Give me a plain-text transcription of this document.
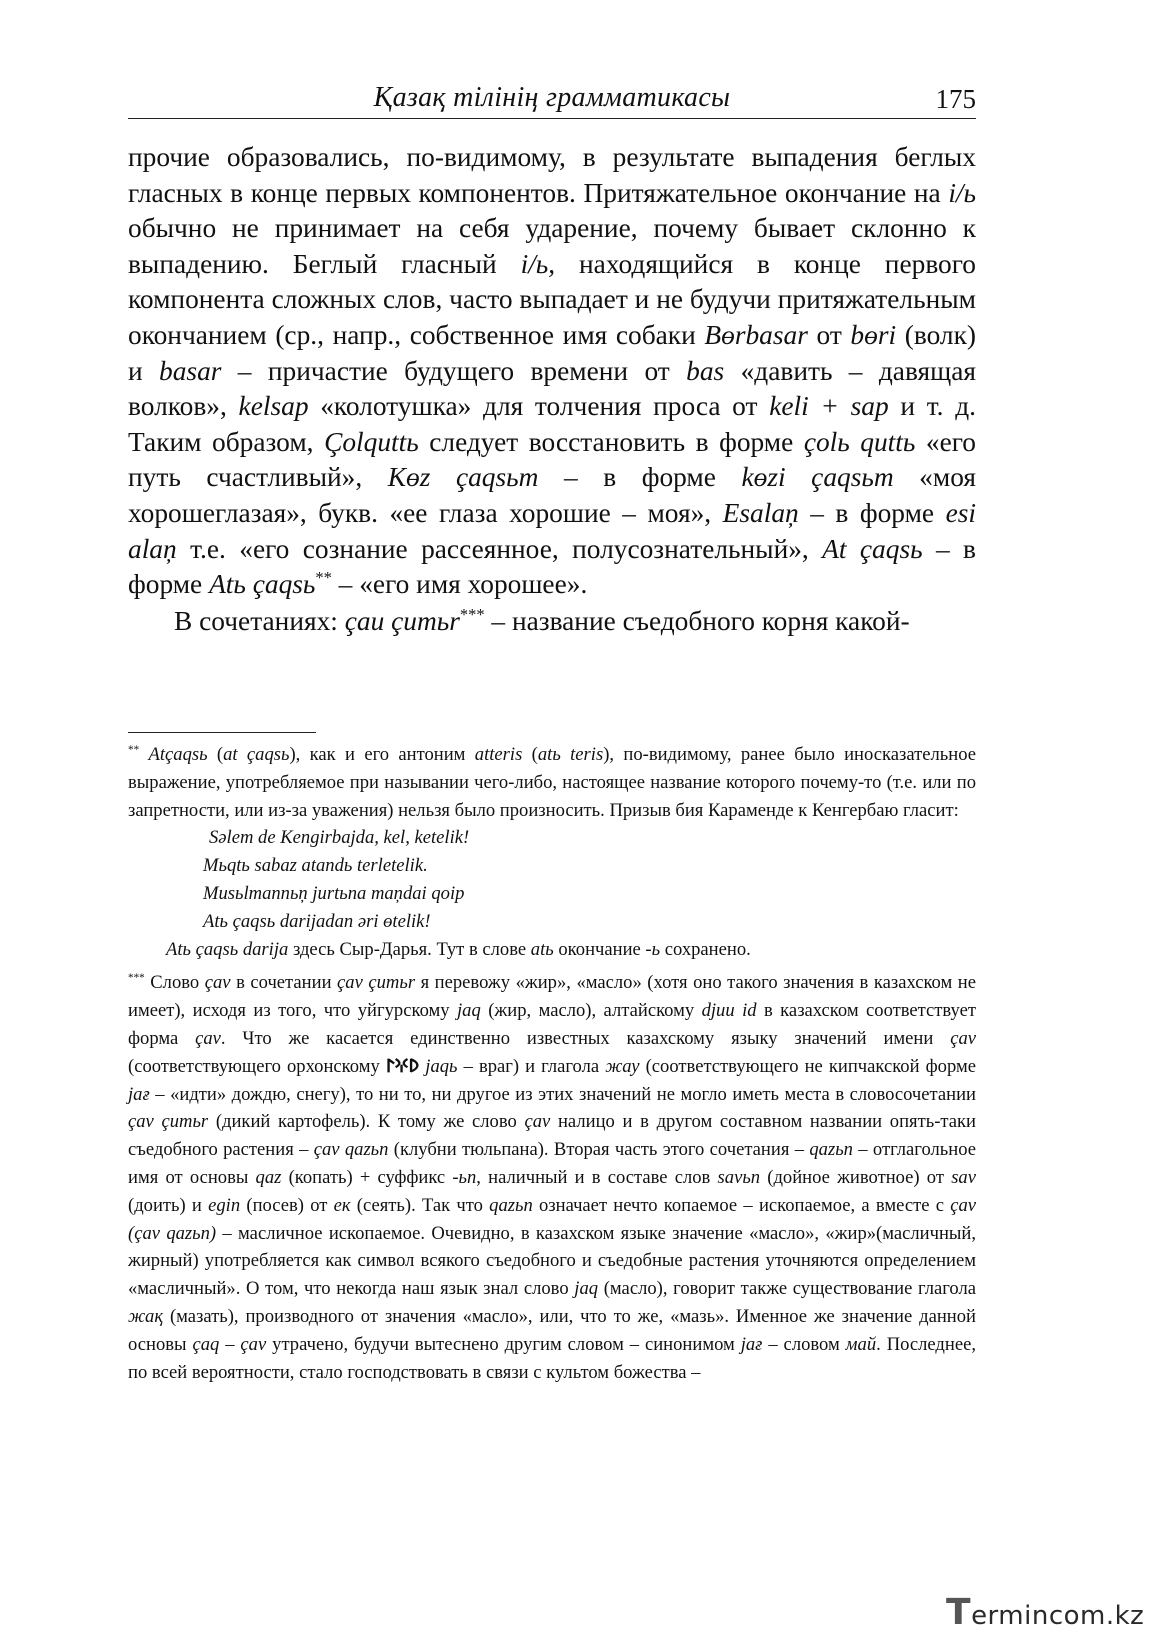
Қазақ тілінің грамматикасы	175

прочие образовались, по-видимому, в результате выпадения беглых гласных в конце первых компонентов. Притяжательное окончание на i/ь обычно не принимает на себя ударение, почему бывает склонно к выпадению. Беглый гласный i/ь, находящийся в конце первого компонента сложных слов, часто выпадает и не будучи притяжательным окончанием (ср., напр., собственное имя собаки Bөrbasar от bөri (волк) и basar – причастие будущего времени от bas «давить – давящая волков», kelsap «колотушка» для толчения проса от keli + sap и т. д. Таким образом, Çolquttь следует восстановить в форме çolь quttь «его путь счастливый», Kөz çaqsьm – в форме kөzi çaqsьm «моя хорошеглазая», букв. «ее глаза хорошие – моя», Esalaņ – в форме esi alaņ т.е. «его сознание рассеянное, полусознательный», At çaqsь – в форме Atь çaqsь** – «его имя хорошее».

В сочетаниях: çau çumьr*** – название съедобного корня какой-

** Atçaqsь (at çaqsь), как и его антоним atteris (atь teris), по-видимому, ранее было иносказательное выражение, употребляемое при назывании чего-либо, настоящее название которого почему-то (т.е. или по запретности, или из-за уважения) нельзя было произносить. Призыв бия Караменде к Кенгербаю гласит:

Sәlem de Kengirbajda, kel, ketelik!
Mьqtь sabaz atandь terletelik.
Musьlmannьņ jurtьna maņdai qoip
Atь çaqsь darijadan әri өtelik!
Atь çaqsь darija здесь Сыр-Дарья. Тут в слове atь окончание -ь сохранено.

*** Слово çav в сочетании çav çumьr я перевожу «жир», «масло» (хотя оно такого значения в казахском не имеет), исходя из того, что уйгурскому jaq (жир, масло), алтайскому djuu id в казахском соответствует форма çav. Что же касается единственно известных казахскому языку значений имени çav (соответствующего орхонскому 𐰖𐰍𐰃 jaqь – враг) и глагола жау (соответствующего не кипчакской форме jaғ – «идти» дождю, снегу), то ни то, ни другое из этих значений не могло иметь места в словосочетании çav çumьr (дикий картофель). К тому же слово çav налицо и в другом составном названии опять-таки съедобного растения – çav qazьn (клубни тюльпана). Вторая часть этого сочетания – qazьn – отглагольное имя от основы qaz (копать) + суффикс -ьn, наличный и в составе слов savьn (дойное животное) от sav (доить) и egin (посев) от ек (сеять). Так что qazьn означает нечто копаемое – ископаемое, а вместе с çav (çav qazьn) – масличное ископаемое. Очевидно, в казахском языке значение «масло», «жир»(масличный, жирный) употребляется как символ всякого съедобного и съедобные растения уточняются определением «масличный». О том, что некогда наш язык знал слово jaq (масло), говорит также существование глагола жақ (мазать), производного от значения «масло», или, что то же, «мазь». Именное же значение данной основы çaq – çav утрачено, будучи вытеснено другим словом – синонимом jaғ – словом май. Последнее, по всей вероятности, стало господствовать в связи с культом божества –

Termincom.kz
